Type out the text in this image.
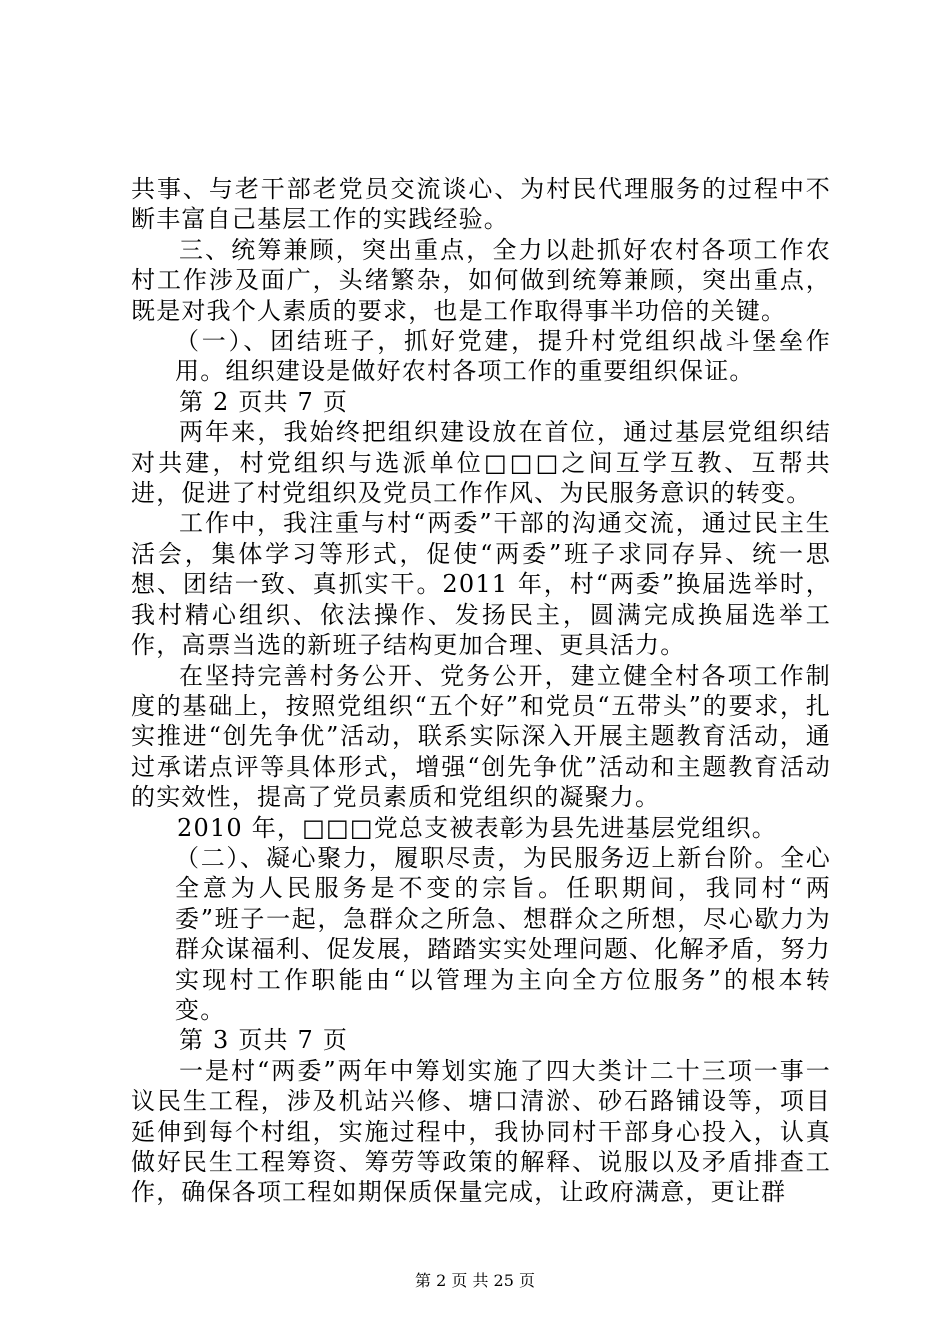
共事、与老干部老党员交流谈心、为村民代理服务的过程中不断丰富自己基层工作的实践经验。

三、统筹兼顾，突出重点，全力以赴抓好农村各项工作农村工作涉及面广，头绪繁杂，如何做到统筹兼顾，突出重点，既是对我个人素质的要求，也是工作取得事半功倍的关键。

（一）、团结班子，抓好党建，提升村党组织战斗堡垒作用。组织建设是做好农村各项工作的重要组织保证。

第 2 页共 7 页

两年来，我始终把组织建设放在首位，通过基层党组织结对共建，村党组织与选派单位□□□之间互学互教、互帮共进，促进了村党组织及党员工作作风、为民服务意识的转变。

工作中，我注重与村“两委”干部的沟通交流，通过民主生活会，集体学习等形式，促使“两委”班子求同存异、统一思想、团结一致、真抓实干。2011 年，村“两委”换届选举时，我村精心组织、依法操作、发扬民主，圆满完成换届选举工作，高票当选的新班子结构更加合理、更具活力。

在坚持完善村务公开、党务公开，建立健全村各项工作制度的基础上，按照党组织“五个好”和党员“五带头”的要求，扎实推进“创先争优”活动，联系实际深入开展主题教育活动，通过承诺点评等具体形式，增强“创先争优”活动和主题教育活动的实效性，提高了党员素质和党组织的凝聚力。

2010 年，□□□党总支被表彰为县先进基层党组织。

（二）、凝心聚力，履职尽责，为民服务迈上新台阶。全心全意为人民服务是不变的宗旨。任职期间，我同村“两委”班子一起，急群众之所急、想群众之所想，尽心歇力为群众谋福利、促发展，踏踏实实处理问题、化解矛盾，努力实现村工作职能由“以管理为主向全方位服务”的根本转变。

第 3 页共 7 页

一是村“两委”两年中筹划实施了四大类计二十三项一事一议民生工程，涉及机站兴修、塘口清淤、砂石路铺设等，项目延伸到每个村组，实施过程中，我协同村干部身心投入，认真做好民生工程筹资、筹劳等政策的解释、说服以及矛盾排查工作，确保各项工程如期保质保量完成，让政府满意，更让群

第 2 页 共 25 页
